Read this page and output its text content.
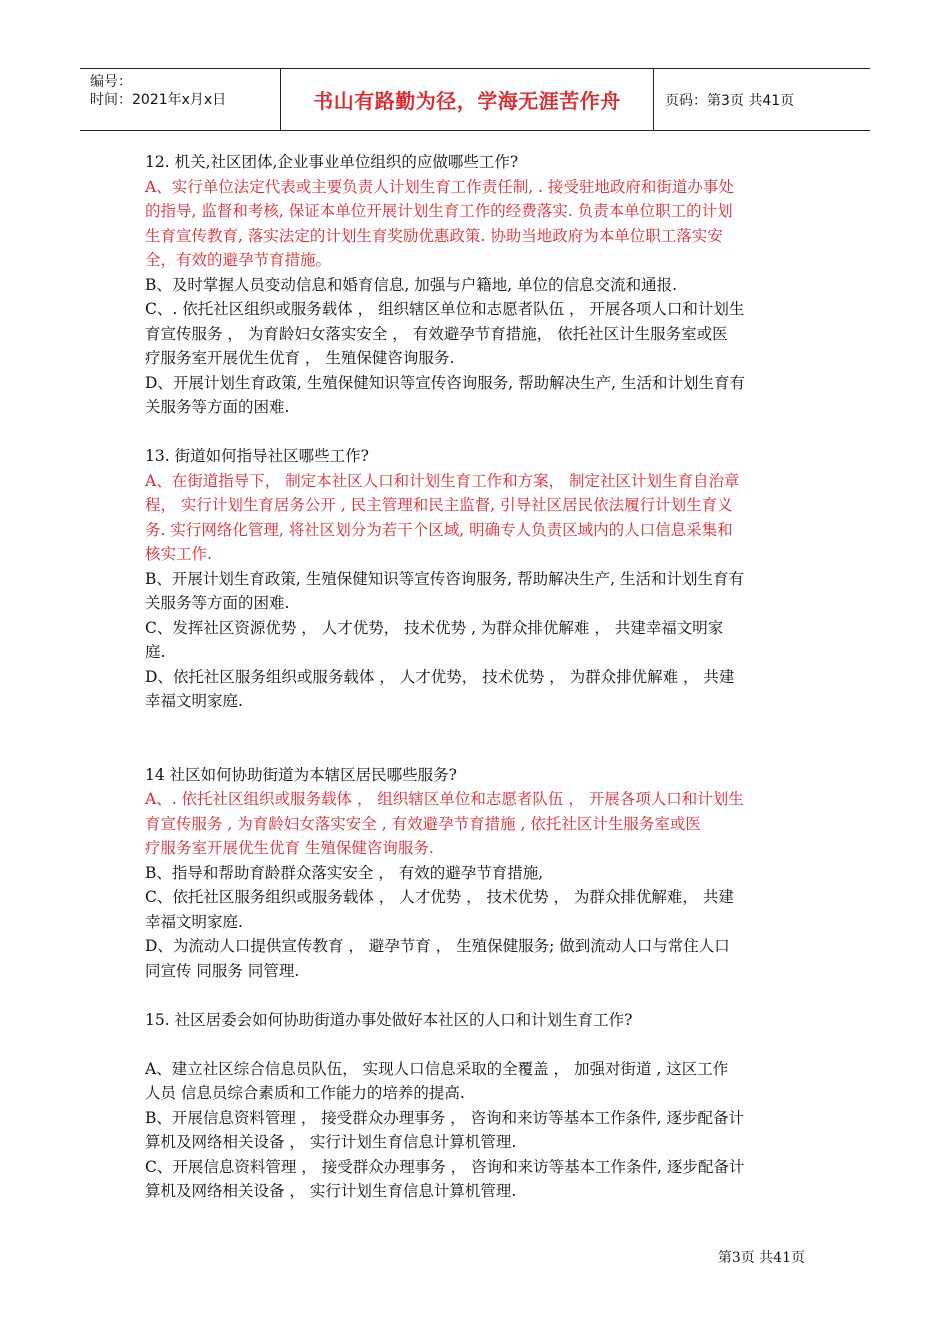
编号：
时间：2021年x月x日	书山有路勤为径，学海无涯苦作舟	页码：第3页 共41页
12. 机关,社区团体,企业事业单位组织的应做哪些工作?
A、实行单位法定代表或主要负责人计划生育工作责任制, . 接受驻地政府和街道办事处
的指导, 监督和考核, 保证本单位开展计划生育工作的经费落实. 负责本单位职工的计划
生育宣传教育, 落实法定的计划生育奖励优惠政策. 协助当地政府为本单位职工落实安
全，有效的避孕节育措施。
B、及时掌握人员变动信息和婚育信息, 加强与户籍地, 单位的信息交流和通报.
C、. 依托社区组织或服务载体 ， 组织辖区单位和志愿者队伍 ， 开展各项人口和计划生
育宣传服务 ， 为育龄妇女落实安全 ， 有效避孕节育措施， 依托社区计生服务室或医
疗服务室开展优生优育 ， 生殖保健咨询服务.
D、开展计划生育政策, 生殖保健知识等宣传咨询服务, 帮助解决生产, 生活和计划生育有
关服务等方面的困难.
13. 街道如何指导社区哪些工作?
A、在街道指导下， 制定本社区人口和计划生育工作和方案， 制定社区计划生育自治章
程， 实行计划生育居务公开 , 民主管理和民主监督, 引导社区居民依法履行计划生育义
务. 实行网络化管理, 将社区划分为若干个区域, 明确专人负责区域内的人口信息采集和
核实工作.
B、开展计划生育政策, 生殖保健知识等宣传咨询服务, 帮助解决生产, 生活和计划生育有
关服务等方面的困难.
C、发挥社区资源优势 ， 人才优势， 技术优势 , 为群众排优解难 ， 共建幸福文明家
庭.
D、依托社区服务组织或服务载体 ， 人才优势， 技术优势 ， 为群众排优解难 ， 共建
幸福文明家庭.
14 社区如何协助街道为本辖区居民哪些服务?
A、. 依托社区组织或服务载体 ， 组织辖区单位和志愿者队伍 ， 开展各项人口和计划生
育宣传服务 , 为育龄妇女落实安全 , 有效避孕节育措施 , 依托社区计生服务室或医
疗服务室开展优生优育 生殖保健咨询服务.
B、指导和帮助育龄群众落实安全 ， 有效的避孕节育措施,
C、依托社区服务组织或服务载体 ， 人才优势 ， 技术优势 ， 为群众排优解难， 共建
幸福文明家庭.
D、为流动人口提供宣传教育 ， 避孕节育 ， 生殖保健服务; 做到流动人口与常住人口
同宣传 同服务 同管理.
15. 社区居委会如何协助街道办事处做好本社区的人口和计划生育工作?
A、建立社区综合信息员队伍， 实现人口信息采取的全覆盖 ， 加强对街道 , 这区工作
人员 信息员综合素质和工作能力的培养的提高.
B、开展信息资料管理 ， 接受群众办理事务 ， 咨询和来访等基本工作条件, 逐步配备计
算机及网络相关设备 ， 实行计划生育信息计算机管理.
C、开展信息资料管理 ， 接受群众办理事务 ， 咨询和来访等基本工作条件, 逐步配备计
算机及网络相关设备 ， 实行计划生育信息计算机管理.
第3页 共41页
